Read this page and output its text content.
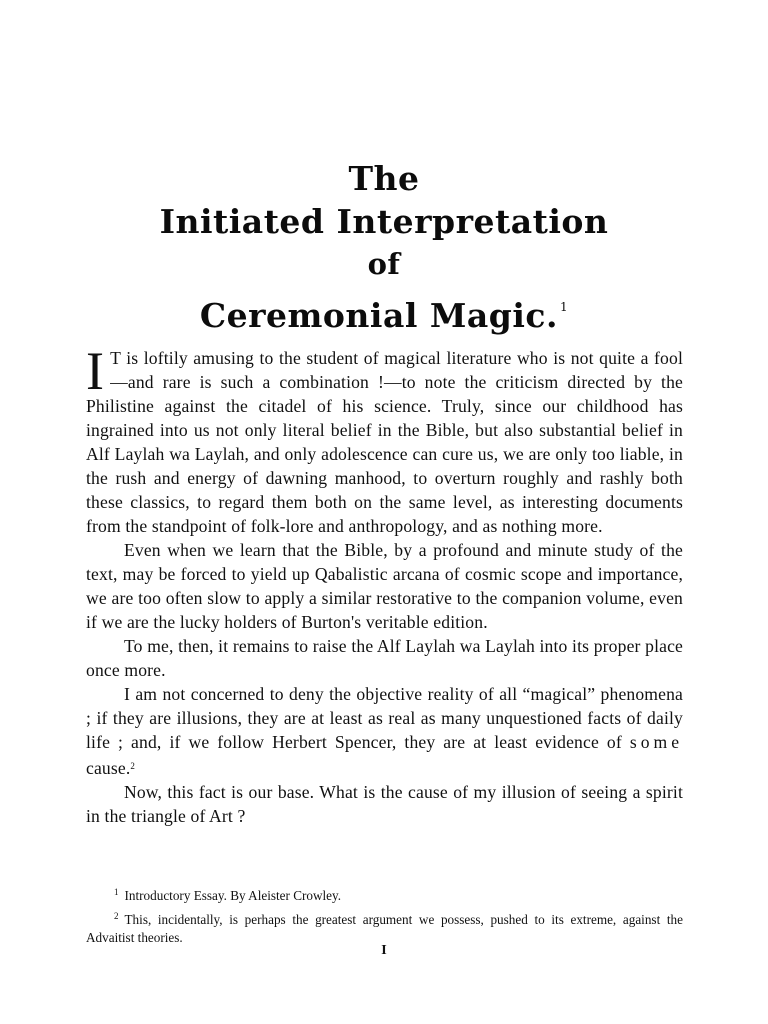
The
Initiated Interpretation
of
Ceremonial Magic. $^1$

I T is loftily amusing to the student of magical literature who is not quite a fool—and rare is such a combination !—to note the criticism directed by the Philistine against the citadel of his science. Truly, since our childhood has ingrained into us not only literal belief in the Bible, but also substantial belief in Alf Laylah wa Laylah, and only adolescence can cure us, we are only too liable, in the rush and energy of dawning manhood, to overturn roughly and rashly both these classics, to regard them both on the same level, as interesting documents from the standpoint of folk-lore and anthropology, and as nothing more.

Even when we learn that the Bible, by a profound and minute study of the text, may be forced to yield up Qabalistic arcana of cosmic scope and importance, we are too often slow to apply a similar restorative to the companion volume, even if we are the lucky holders of Burton's veritable edition.

To me, then, it remains to raise the Alf Laylah wa Laylah into its proper place once more.

I am not concerned to deny the objective reality of all “magical” phenomena ; if they are illusions, they are at least as real as many unquestioned facts of daily life ; and, if we follow Herbert Spencer, they are at least evidence of some cause.$^2$

Now, this fact is our base. What is the cause of my illusion of seeing a spirit in the triangle of Art ?

$^1$ Introductory Essay. By Aleister Crowley.

$^2$ This, incidentally, is perhaps the greatest argument we possess, pushed to its extreme, against the Advaitist theories.

I
